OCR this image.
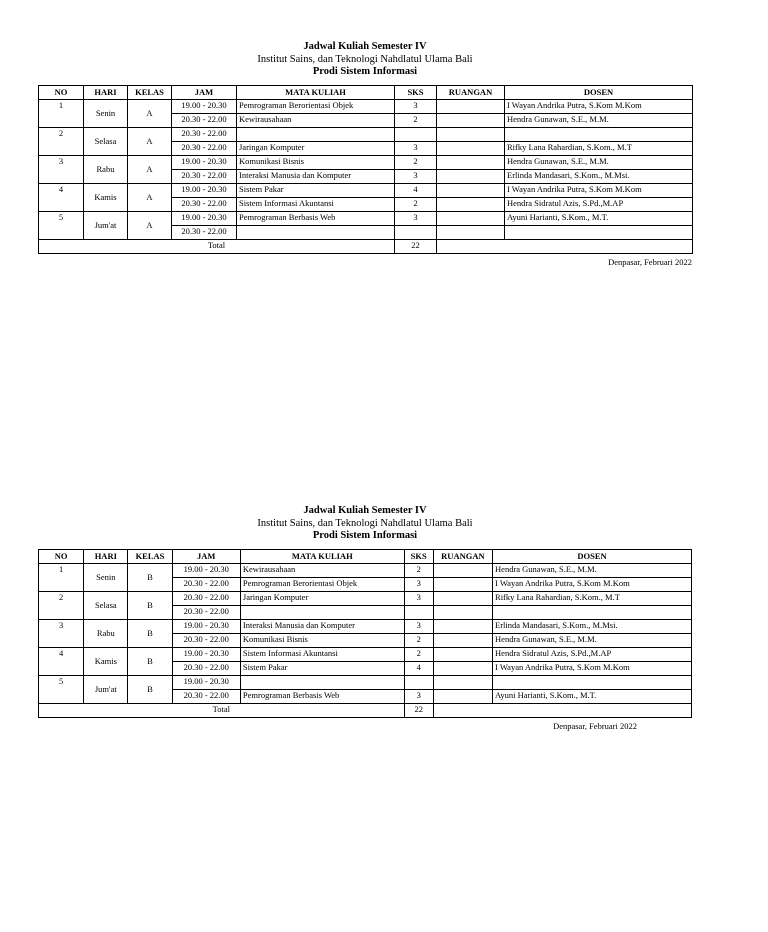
Jadwal Kuliah Semester IV
Institut Sains, dan Teknologi Nahdlatul Ulama Bali
Prodi Sistem Informasi
NO	HARI	KELAS	JAM	MATA KULIAH	SKS	RUANGAN	DOSEN
1	Senin	A	19.00 - 20.30	Pemrograman Berorientasi Objek	3		I Wayan Andrika Putra, S.Kom M.Kom
			20.30 - 22.00	Kewirausahaan	2		Hendra Gunawan, S.E., M.M.
2	Selasa	A	20.30 - 22.00				
			20.30 - 22.00	Jaringan Komputer	3		Rifky Lana Rahardian, S.Kom., M.T
3	Rabu	A	19.00 - 20.30	Komunikasi Bisnis	2		Hendra Gunawan, S.E., M.M.
			20.30 - 22.00	Interaksi Manusia dan Komputer	3		Erlinda Mandasari, S.Kom., M.Msi.
4	Kamis	A	19.00 - 20.30	Sistem Pakar	4		I Wayan Andrika Putra, S.Kom M.Kom
			20.30 - 22.00	Sistem Informasi Akuntansi	2		Hendra Sidratul Azis, S.Pd.,M.AP
5	Jum'at	A	19.00 - 20.30	Pemrograman Berbasis Web	3		Ayuni Harianti, S.Kom., M.T.
			20.30 - 22.00				
Total					22		
Denpasar, Februari 2022
Jadwal Kuliah Semester IV
Institut Sains, dan Teknologi Nahdlatul Ulama Bali
Prodi Sistem Informasi
NO	HARI	KELAS	JAM	MATA KULIAH	SKS	RUANGAN	DOSEN
1	Senin	B	19.00 - 20.30	Kewirausahaan	2		Hendra Gunawan, S.E., M.M.
			20.30 - 22.00	Pemrograman Berorientasi Objek	3		I Wayan Andrika Putra, S.Kom M.Kom
2	Selasa	B	20.30 - 22.00	Jaringan Komputer	3		Rifky Lana Rahardian, S.Kom., M.T
			20.30 - 22.00				
3	Rabu	B	19.00 - 20.30	Interaksi Manusia dan Komputer	3		Erlinda Mandasari, S.Kom., M.Msi.
			20.30 - 22.00	Komunikasi Bisnis	2		Hendra Gunawan, S.E., M.M.
4	Kamis	B	19.00 - 20.30	Sistem Informasi Akuntansi	2		Hendra Sidratul Azis, S.Pd.,M.AP
			20.30 - 22.00	Sistem Pakar	4		I Wayan Andrika Putra, S.Kom M.Kom
5	Jum'at	B	19.00 - 20.30				
			20.30 - 22.00	Pemrograman Berbasis Web	3		Ayuni Harianti, S.Kom., M.T.
Total					22		
Denpasar, Februari 2022
